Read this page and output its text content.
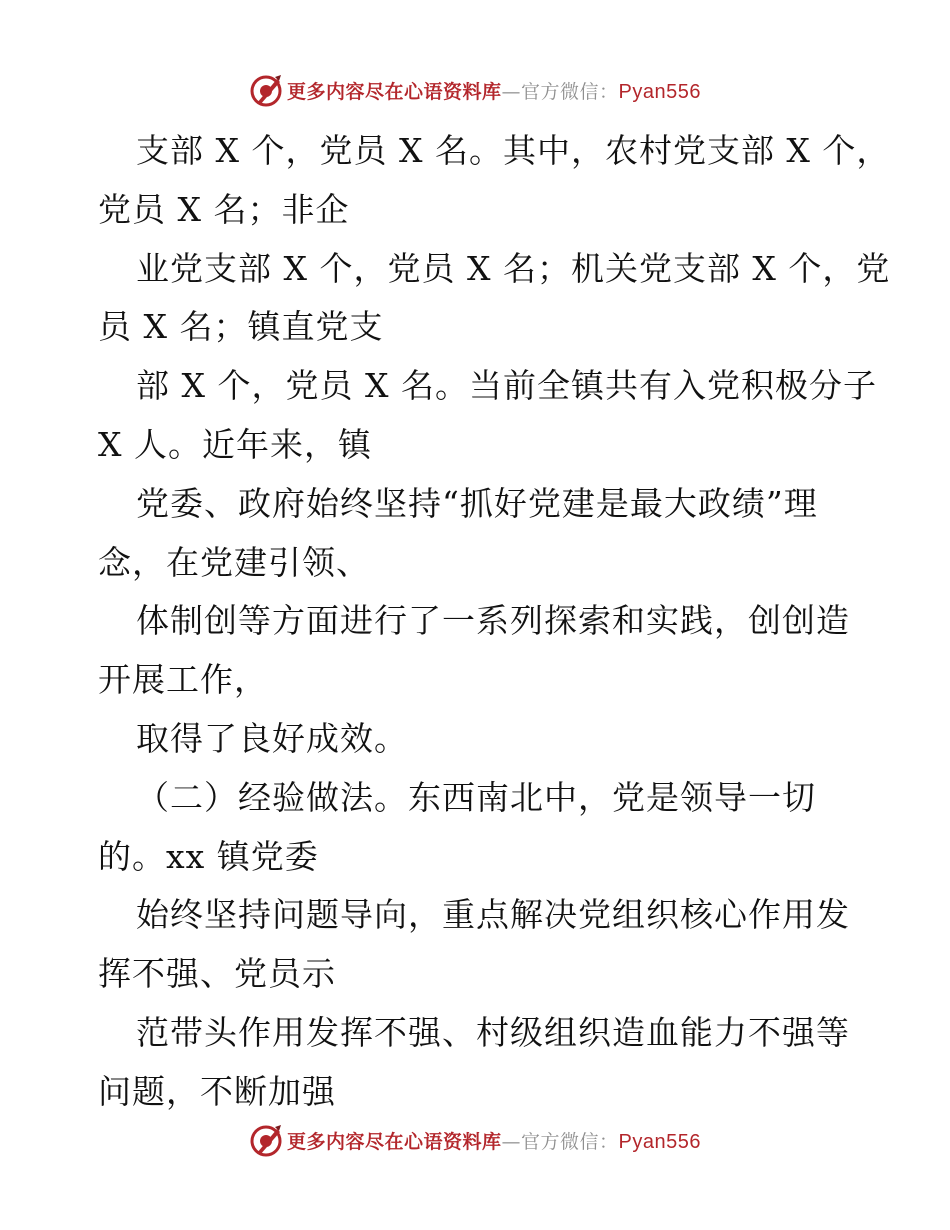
更多内容尽在心语资料库—官方微信：Pyan556
支部 X 个，党员 X 名。其中，农村党支部 X 个，
党员 X 名；非企
业党支部 X 个，党员 X 名；机关党支部 X 个，党
员 X 名；镇直党支
部 X 个，党员 X 名。当前全镇共有入党积极分子
X 人。近年来，镇
党委、政府始终坚持“抓好党建是最大政绩”理
念，在党建引领、
体制创等方面进行了一系列探索和实践，创创造
开展工作，
取得了良好成效。
（二）经验做法。东西南北中，党是领导一切
的。xx 镇党委
始终坚持问题导向，重点解决党组织核心作用发
挥不强、党员示
范带头作用发挥不强、村级组织造血能力不强等
问题，不断加强
更多内容尽在心语资料库—官方微信：Pyan556
